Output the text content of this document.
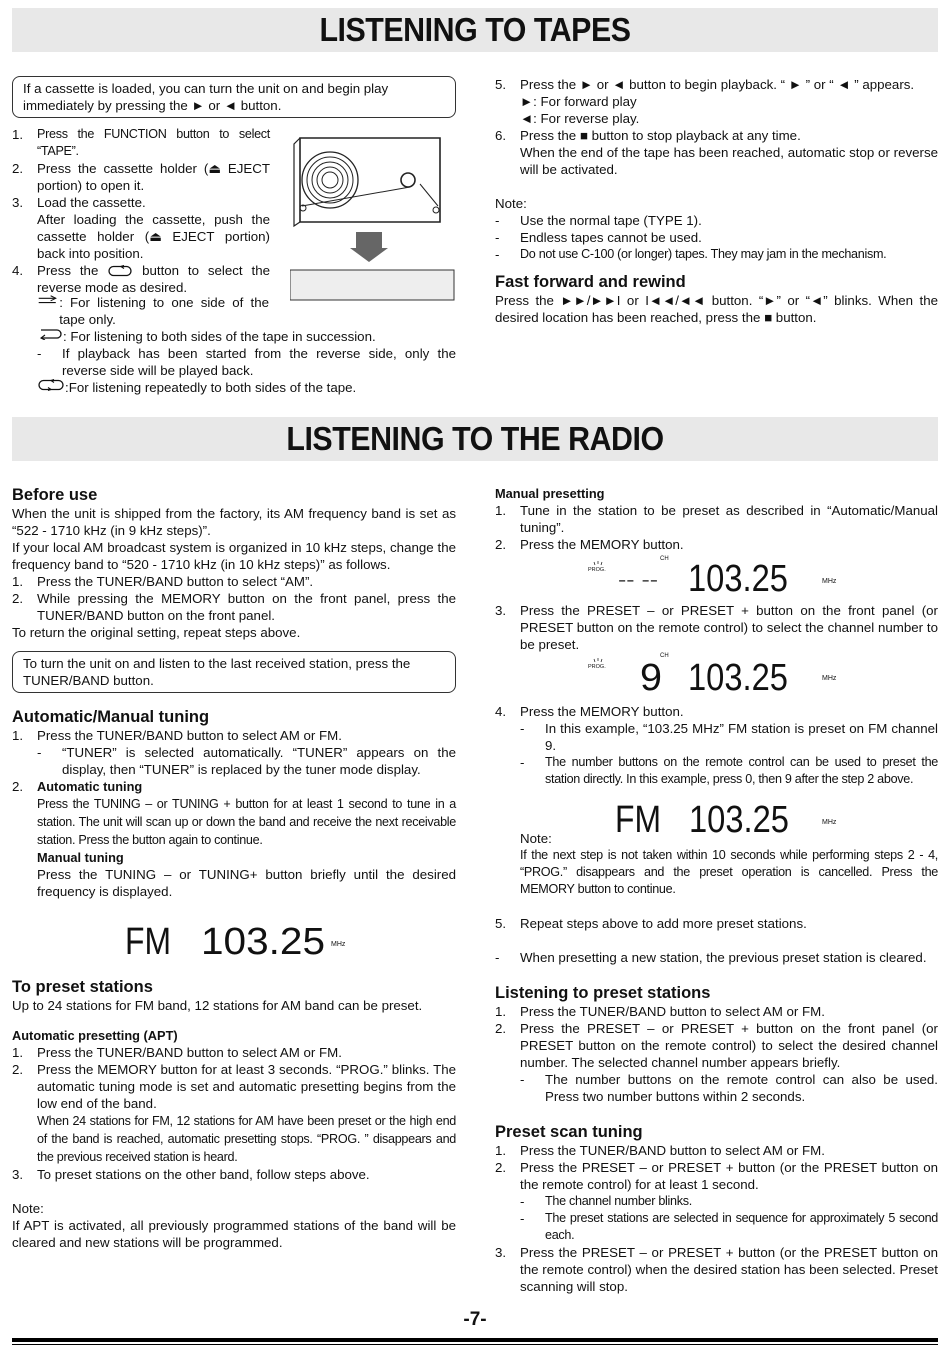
LISTENING TO TAPES

If a cassette is loaded, you can turn the unit on and begin play immediately by pressing the ► or ◄ button.

1.	Press the FUNCTION button to select “TAPE”.
2.	Press the cassette holder (⏏ EJECT portion) to open it.
3.	Load the cassette.
After loading the cassette, push the cassette holder (⏏ EJECT portion) back into position.
4.	Press the	button to select the reverse mode as desired.
: For listening to one side of the tape only.
: For listening to both sides of the tape in succession.
-	If playback has been started from the reverse side, only the reverse side will be played back.
:For listening repeatedly to both sides of the tape.
5.	Press the ► or ◄ button to begin playback. “ ► ” or “ ◄ ” appears.
►: For forward play
◄: For reverse play.
6.	Press the ■ button to stop playback at any time.
When the end of the tape has been reached, automatic stop or reverse will be activated.

Note:

-	Use the normal tape (TYPE 1).
-	Endless tapes cannot be used.
-	Do not use C-100 (or longer) tapes. They may jam in the mechanism.
Fast forward and rewind

Press the ►►/►►I or I◄◄/◄◄ button. “►” or “◄” blinks. When the desired location has been reached, press the ■ button.

LISTENING TO THE RADIO
Before use

When the unit is shipped from the factory, its AM frequency band is set as “522 - 1710 kHz (in 9 kHz steps)”.

If your local AM broadcast system is organized in 10 kHz steps, change the frequency band to “520 - 1710 kHz (in 10 kHz steps)” as follows.

1.	Press the TUNER/BAND button to select “AM”.
2.	While pressing the MEMORY button on the front panel, press the TUNER/BAND button on the front panel.

To return the original setting, repeat steps above.

To turn the unit on and listen to the last received station, press the TUNER/BAND button.

Automatic/Manual tuning
1.	Press the TUNER/BAND button to select AM or FM.
-	“TUNER” is selected automatically. “TUNER” appears on the display, then “TUNER” is replaced by the tuner mode display.
2.	Automatic tuning
Press the TUNING – or TUNING + button for at least 1 second to tune in a station. The unit will scan up or down the band and receive the next receivable station. Press the button again to continue.
Manual tuning
Press the TUNING – or TUNING+ button briefly until the desired frequency is displayed.
FM 103.25 MHz
To preset stations

Up to 24 stations for FM band, 12 stations for AM band can be preset.

Automatic presetting (APT)

1.	Press the TUNER/BAND button to select AM or FM.
2.	Press the MEMORY button for at least 3 seconds. “PROG.” blinks. The automatic tuning mode is set and automatic presetting begins from the low end of the band.
When 24 stations for FM, 12 stations for AM have been preset or the high end of the band is reached, automatic presetting stops. “PROG. ” disappears and the previous received station is heard.
3.	To preset stations on the other band, follow steps above.

Note:

If APT is activated, all previously programmed stations of the band will be cleared and new stations will be programmed.

Manual presetting

1.	Tune in the station to be preset as described in “Automatic/Manual tuning”.
2.	Press the MEMORY button.
CH
PROG.
-- -- 103.25	MHz
3.	Press the PRESET – or PRESET + button on the front panel (or PRESET button on the remote control) to select the channel number to be preset.
CH
PROG. 9 103.25	MHz
4.	Press the MEMORY button.
-	In this example, “103.25 MHz” FM station is preset on FM channel 9.
-	The number buttons on the remote control can be used to preset the station directly. In this example, press 0, then 9 after the step 2 above.
FM 103.25	MHz

Note:

If the next step is not taken within 10 seconds while performing steps 2 - 4, “PROG.” disappears and the preset operation is cancelled. Press the MEMORY button to continue.

5.	Repeat steps above to add more preset stations.
-	When presetting a new station, the previous preset station is cleared.
Listening to preset stations
1.	Press the TUNER/BAND button to select AM or FM.
2.	Press the PRESET – or PRESET + button on the front panel (or PRESET button on the remote control) to select the desired channel number. The selected channel number appears briefly.
-	The number buttons on the remote control can also be used. Press two number buttons within 2 seconds.
Preset scan tuning
1.	Press the TUNER/BAND button to select AM or FM.
2.	Press the PRESET – or PRESET + button (or the PRESET button on the remote control) for at least 1 second.
-	The channel number blinks.
-	The preset stations are selected in sequence for approximately 5 second each.
3.	Press the PRESET – or PRESET + button (or the PRESET button on the remote control) when the desired station has been selected. Preset scanning will stop.
-7-
